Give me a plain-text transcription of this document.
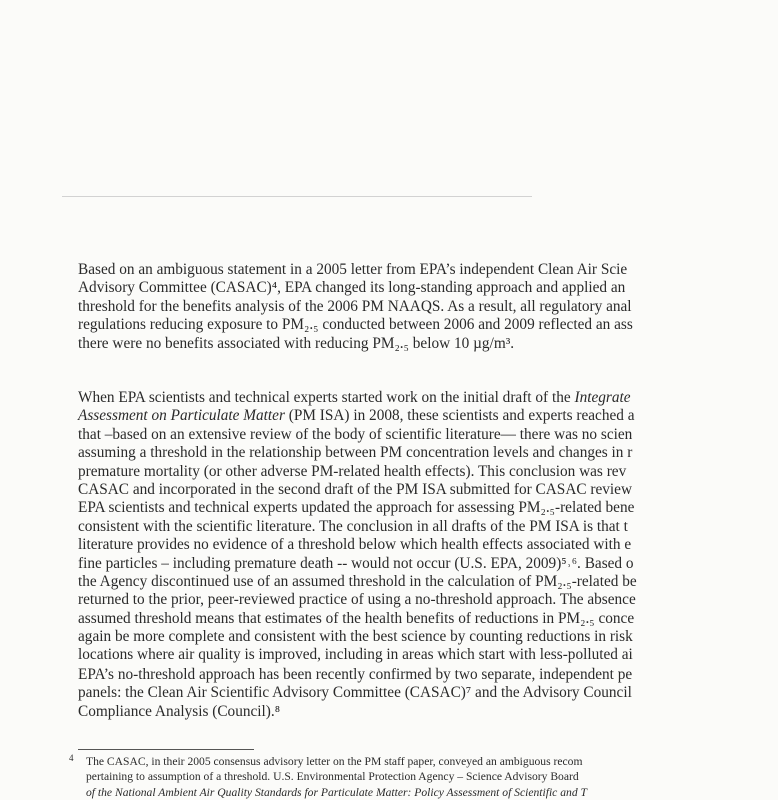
Based on an ambiguous statement in a 2005 letter from EPA’s independent Clean Air Scie
Advisory Committee (CASAC)⁴, EPA changed its long-standing approach and applied an
threshold for the benefits analysis of the 2006 PM NAAQS. As a result, all regulatory anal
regulations reducing exposure to PM₂.₅ conducted between 2006 and 2009 reflected an ass
there were no benefits associated with reducing PM₂.₅ below 10 µg/m³.

When EPA scientists and technical experts started work on the initial draft of the Integrate
Assessment on Particulate Matter (PM ISA) in 2008, these scientists and experts reached a
that –based on an extensive review of the body of scientific literature— there was no scien
assuming a threshold in the relationship between PM concentration levels and changes in r
premature mortality (or other adverse PM-related health effects). This conclusion was rev
CASAC and incorporated in the second draft of the PM ISA submitted for CASAC review
EPA scientists and technical experts updated the approach for assessing PM₂.₅-related bene
consistent with the scientific literature. The conclusion in all drafts of the PM ISA is that t
literature provides no evidence of a threshold below which health effects associated with e
fine particles – including premature death -- would not occur (U.S. EPA, 2009)⁵˒⁶. Based o
the Agency discontinued use of an assumed threshold in the calculation of PM₂.₅-related be
returned to the prior, peer-reviewed practice of using a no-threshold approach. The absence
assumed threshold means that estimates of the health benefits of reductions in PM₂.₅ conce
again be more complete and consistent with the best science by counting reductions in risk
locations where air quality is improved, including in areas which start with less-polluted ai

EPA’s no-threshold approach has been recently confirmed by two separate, independent pe
panels: the Clean Air Scientific Advisory Committee (CASAC)⁷ and the Advisory Council
Compliance Analysis (Council).⁸

4	The CASAC, in their 2005 consensus advisory letter on the PM staff paper, conveyed an ambiguous recom
pertaining to assumption of a threshold. U.S. Environmental Protection Agency – Science Advisory Board
of the National Ambient Air Quality Standards for Particulate Matter: Policy Assessment of Scientific and T
